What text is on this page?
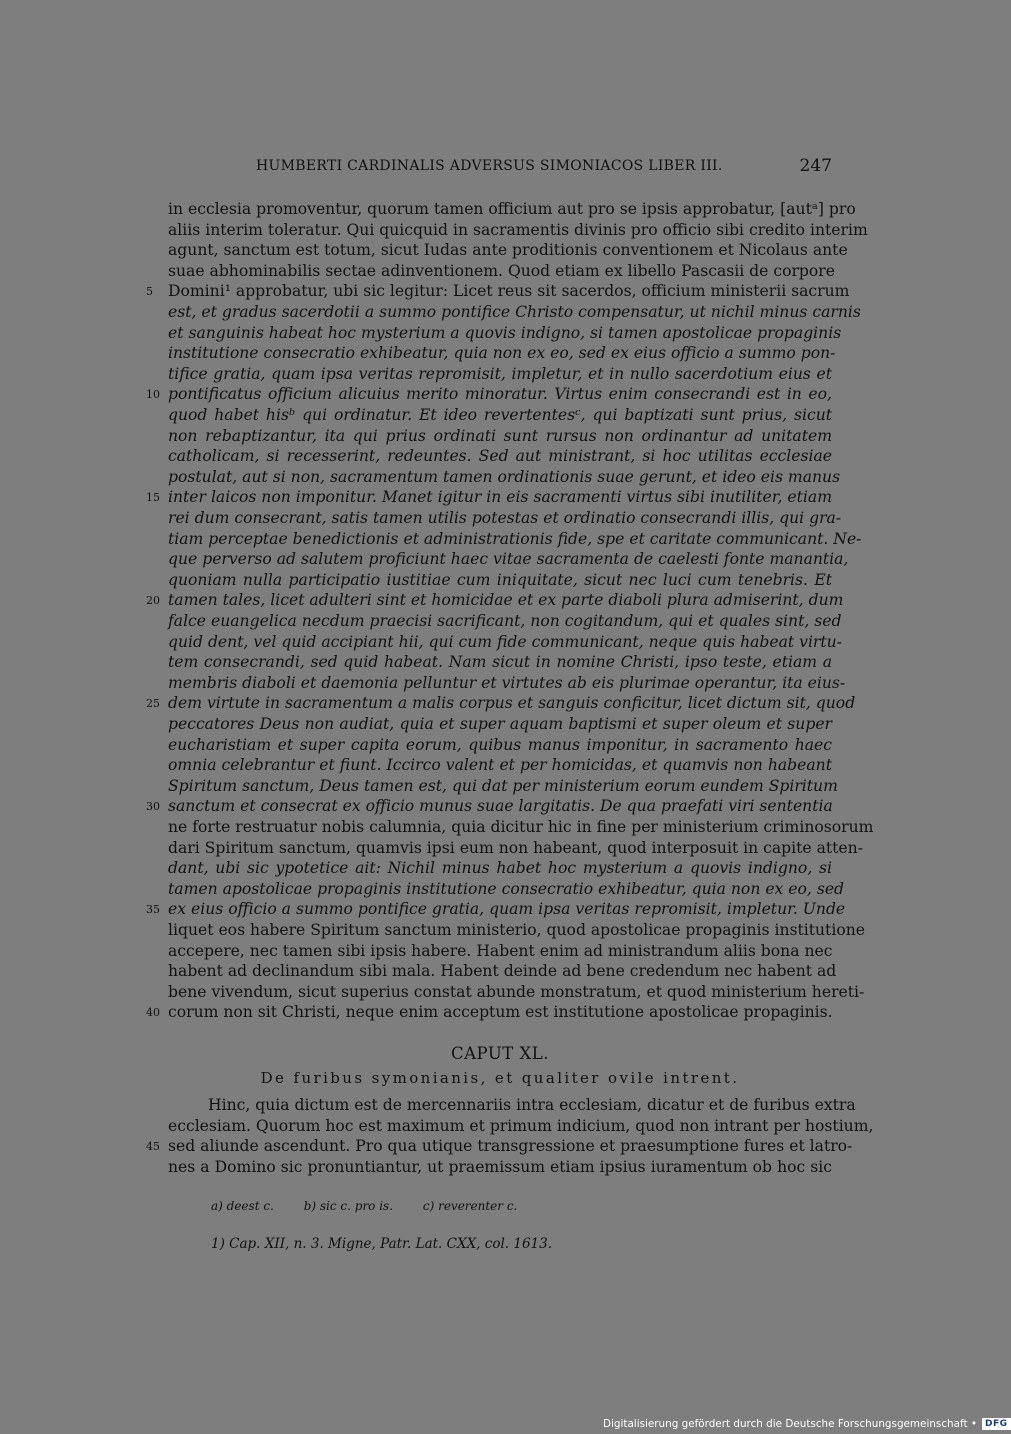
HUMBERTI CARDINALIS ADVERSUS SIMONIACOS LIBER III.	247
in ecclesia promoventur, quorum tamen officium aut pro se ipsis approbatur, [autᵃ] pro
aliis interim toleratur. Qui quicquid in sacramentis divinis pro officio sibi credito interim
agunt, sanctum est totum, sicut Iudas ante proditionis conventionem et Nicolaus ante
suae abhominabilis sectae adinventionem. Quod etiam ex libello Pascasii de corpore
Domini¹ approbatur, ubi sic legitur: Licet reus sit sacerdos, officium ministerii sacrum
est, et gradus sacerdotii a summo pontifice Christo compensatur, ut nichil minus carnis
et sanguinis habeat hoc mysterium a quovis indigno, si tamen apostolicae propaginis
institutione consecratio exhibeatur, quia non ex eo, sed ex eius officio a summo pon-
tifice gratia, quam ipsa veritas repromisit, impletur, et in nullo sacerdotium eius et
pontificatus officium alicuius merito minoratur. Virtus enim consecrandi est in eo,
quod habet hisᵇ qui ordinatur. Et ideo revertentesᶜ, qui baptizati sunt prius, sicut
non rebaptizantur, ita qui prius ordinati sunt rursus non ordinantur ad unitatem
catholicam, si recesserint, redeuntes. Sed aut ministrant, si hoc utilitas ecclesiae
postulat, aut si non, sacramentum tamen ordinationis suae gerunt, et ideo eis manus
inter laicos non imponitur. Manet igitur in eis sacramenti virtus sibi inutiliter, etiam
rei dum consecrant, satis tamen utilis potestas et ordinatio consecrandi illis, qui gra-
tiam perceptae benedictionis et administrationis fide, spe et caritate communicant. Ne-
que perverso ad salutem proficiunt haec vitae sacramenta de caelesti fonte manantia,
quoniam nulla participatio iustitiae cum iniquitate, sicut nec luci cum tenebris. Et
tamen tales, licet adulteri sint et homicidae et ex parte diaboli plura admiserint, dum
falce euangelica necdum praecisi sacrificant, non cogitandum, qui et quales sint, sed
quid dent, vel quid accipiant hii, qui cum fide communicant, neque quis habeat virtu-
tem consecrandi, sed quid habeat. Nam sicut in nomine Christi, ipso teste, etiam a
membris diaboli et daemonia pelluntur et virtutes ab eis plurimae operantur, ita eius-
dem virtute in sacramentum a malis corpus et sanguis conficitur, licet dictum sit, quod
peccatores Deus non audiat, quia et super aquam baptismi et super oleum et super
eucharistiam et super capita eorum, quibus manus imponitur, in sacramento haec
omnia celebrantur et fiunt. Iccirco valent et per homicidas, et quamvis non habeant
Spiritum sanctum, Deus tamen est, qui dat per ministerium eorum eundem Spiritum
sanctum et consecrat ex officio munus suae largitatis. De qua praefati viri sententia
ne forte restruatur nobis calumnia, quia dicitur hic in fine per ministerium criminosorum
dari Spiritum sanctum, quamvis ipsi eum non habeant, quod interposuit in capite atten-
dant, ubi sic ypotetice ait: Nichil minus habet hoc mysterium a quovis indigno, si
tamen apostolicae propaginis institutione consecratio exhibeatur, quia non ex eo, sed
ex eius officio a summo pontifice gratia, quam ipsa veritas repromisit, impletur. Unde
liquet eos habere Spiritum sanctum ministerio, quod apostolicae propaginis institutione
accepere, nec tamen sibi ipsis habere. Habent enim ad ministrandum aliis bona nec
habent ad declinandum sibi mala. Habent deinde ad bene credendum nec habent ad
bene vivendum, sicut superius constat abunde monstratum, et quod ministerium hereti-
corum non sit Christi, neque enim acceptum est institutione apostolicae propaginis.
5
10
15
20
25
30
35
40
45
CAPUT XL.
De furibus symonianis, et qualiter ovile intrent.
Hinc, quia dictum est de mercennariis intra ecclesiam, dicatur et de furibus extra
ecclesiam. Quorum hoc est maximum et primum indicium, quod non intrant per hostium,
sed aliunde ascendunt. Pro qua utique transgressione et praesumptione fures et latro-
nes a Domino sic pronuntiantur, ut praemissum etiam ipsius iuramentum ob hoc sic
a) deest c. b) sic c. pro is. c) reverenter c.
1) Cap. XII, n. 3. Migne, Patr. Lat. CXX, col. 1613.
Digitalisierung gefördert durch die Deutsche Forschungsgemeinschaft • DFG
